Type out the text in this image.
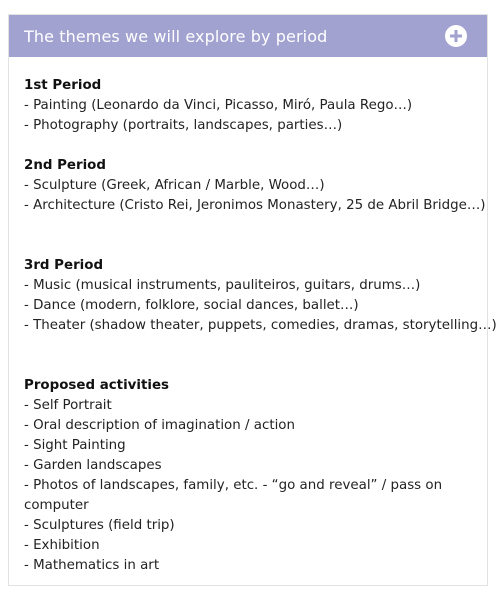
The themes we will explore by period
1st Period
- Painting (Leonardo da Vinci, Picasso, Miró, Paula Rego…)
- Photography (portraits, landscapes, parties…)
2nd Period
- Sculpture (Greek, African / Marble, Wood…)
- Architecture (Cristo Rei, Jeronimos Monastery, 25 de Abril Bridge…)
3rd Period
- Music (musical instruments, pauliteiros, guitars, drums…)
- Dance (modern, folklore, social dances, ballet…)
- Theater (shadow theater, puppets, comedies, dramas, storytelling…)
Proposed activities
- Self Portrait
- Oral description of imagination / action
- Sight Painting
- Garden landscapes
- Photos of landscapes, family, etc. - “go and reveal” / pass on computer
- Sculptures (field trip)
- Exhibition
- Mathematics in art
